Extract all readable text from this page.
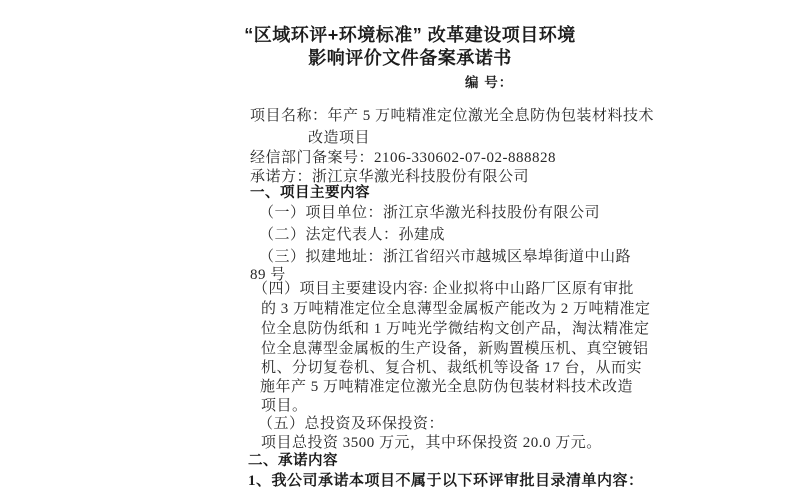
“区域环评+环境标准” 改革建设项目环境
影响评价文件备案承诺书
编 号：
项目名称：年产 5 万吨精准定位激光全息防伪包装材料技术
改造项目
经信部门备案号：2106-330602-07-02-888828
承诺方：浙江京华激光科技股份有限公司
一、项目主要内容
（一）项目单位：浙江京华激光科技股份有限公司
（二）法定代表人：孙建成
（三）拟建地址：浙江省绍兴市越城区皋埠街道中山路
89 号
（四）项目主要建设内容: 企业拟将中山路厂区原有审批
的 3 万吨精准定位全息薄型金属板产能改为 2 万吨精准定
位全息防伪纸和 1 万吨光学微结构文创产品，淘汰精准定
位全息薄型金属板的生产设备，新购置模压机、真空镀铝
机、分切复卷机、复合机、裁纸机等设备 17 台，从而实
施年产 5 万吨精准定位激光全息防伪包装材料技术改造
项目。
（五）总投资及环保投资：
项目总投资 3500 万元，其中环保投资 20.0 万元。
二、承诺内容
1、我公司承诺本项目不属于以下环评审批目录清单内容：
